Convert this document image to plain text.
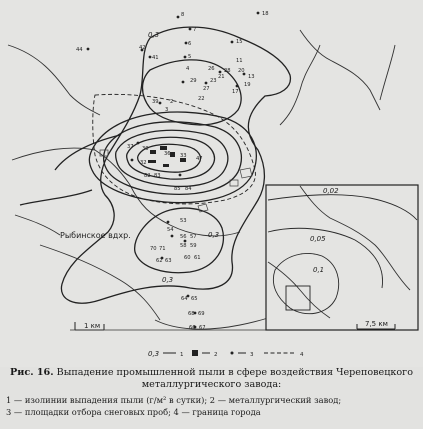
8	18
15
7
6
5
42
44
41
39
3
2
26 28 20
29	23
19
27	17
37 30
32
33 47
82 83
85 84
53
54
56 57
70 71	58 59
60 61
62 63
64 65
68 69
66 67
4
22
11
13
36
21
0,3
0,3
0,3
Рыбинское вдхр.
1 км
0,02
0,05
0,1
7,5 км
0,3	1	2	3	4
Рис. 16. Выпадение промышленной пыли в сфере воздействия Череповецкого металлургического завода:
1 — изолинии выпадения пыли (г/м² в сутки); 2 — металлургический завод;
3 — площадки отбора снеговых проб; 4 — граница города
